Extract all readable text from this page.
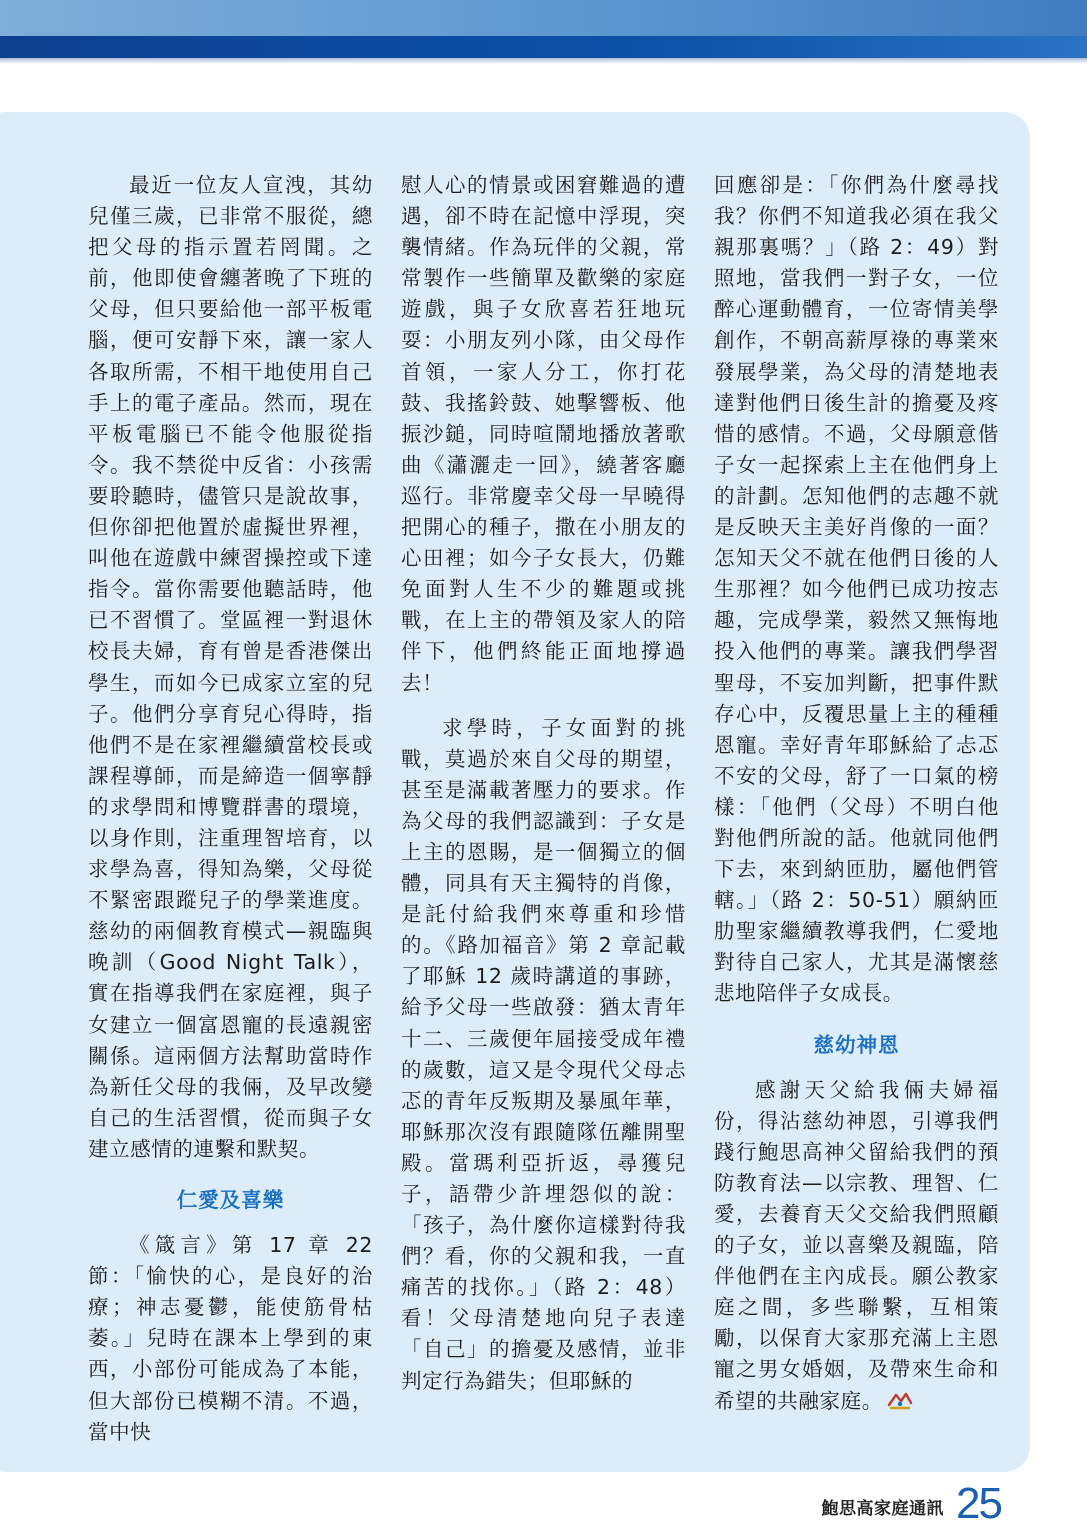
最近一位友人宣洩，其幼兒僅三歲，已非常不服從，總把父母的指示置若罔聞。之前，他即使會纏著晚了下班的父母，但只要給他一部平板電腦，便可安靜下來，讓一家人各取所需，不相干地使用自己手上的電子產品。然而，現在平板電腦已不能令他服從指令。我不禁從中反省：小孩需要聆聽時，儘管只是說故事，但你卻把他置於虛擬世界裡，叫他在遊戲中練習操控或下達指令。當你需要他聽話時，他已不習慣了。堂區裡一對退休校長夫婦，育有曾是香港傑出學生，而如今已成家立室的兒子。他們分享育兒心得時，指他們不是在家裡繼續當校長或課程導師，而是締造一個寧靜的求學問和博覽群書的環境，以身作則，注重理智培育，以求學為喜，得知為樂，父母從不緊密跟蹤兒子的學業進度。慈幼的兩個教育模式—親臨與晚訓（Good Night Talk），實在指導我們在家庭裡，與子女建立一個富恩寵的長遠親密關係。這兩個方法幫助當時作為新任父母的我倆，及早改變自己的生活習慣，從而與子女建立感情的連繫和默契。

仁愛及喜樂

《箴言》第 17 章 22 節：「愉快的心，是良好的治療；神志憂鬱，能使筋骨枯萎。」兒時在課本上學到的東西，小部份可能成為了本能，但大部份已模糊不清。不過，當中快

慰人心的情景或困窘難過的遭遇，卻不時在記憶中浮現，突襲情緒。作為玩伴的父親，常常製作一些簡單及歡樂的家庭遊戲，與子女欣喜若狂地玩耍：小朋友列小隊，由父母作首領，一家人分工，你打花鼓、我搖鈴鼓、她擊響板、他振沙鎚，同時喧鬧地播放著歌曲《瀟灑走一回》，繞著客廳巡行。非常慶幸父母一早曉得把開心的種子，撒在小朋友的心田裡；如今子女長大，仍難免面對人生不少的難題或挑戰，在上主的帶領及家人的陪伴下，他們終能正面地撐過去！

求學時，子女面對的挑戰，莫過於來自父母的期望，甚至是滿載著壓力的要求。作為父母的我們認識到：子女是上主的恩賜，是一個獨立的個體，同具有天主獨特的肖像，是託付給我們來尊重和珍惜的。《路加福音》第 2 章記載了耶穌 12 歲時講道的事跡，給予父母一些啟發：猶太青年十二、三歲便年屆接受成年禮的歲數，這又是令現代父母忐忑的青年反叛期及暴風年華，耶穌那次沒有跟隨隊伍離開聖殿。當瑪利亞折返，尋獲兒子，語帶少許埋怨似的說：「孩子，為什麼你這樣對待我們？看，你的父親和我，一直痛苦的找你。」（路 2：48）看！父母清楚地向兒子表達「自己」的擔憂及感情，並非判定行為錯失；但耶穌的

回應卻是：「你們為什麼尋找我？你們不知道我必須在我父親那裏嗎？」（路 2：49）對照地，當我們一對子女，一位醉心運動體育，一位寄情美學創作，不朝高薪厚祿的專業來發展學業，為父母的清楚地表達對他們日後生計的擔憂及疼惜的感情。不過，父母願意偕子女一起探索上主在他們身上的計劃。怎知他們的志趣不就是反映天主美好肖像的一面？怎知天父不就在他們日後的人生那裡？如今他們已成功按志趣，完成學業，毅然又無悔地投入他們的專業。讓我們學習聖母，不妄加判斷，把事件默存心中，反覆思量上主的種種恩寵。幸好青年耶穌給了忐忑不安的父母，舒了一口氣的榜樣：「他們（父母）不明白他對他們所說的話。他就同他們下去，來到納匝肋，屬他們管轄。」（路 2：50-51）願納匝肋聖家繼續教導我們，仁愛地對待自己家人，尤其是滿懷慈悲地陪伴子女成長。

慈幼神恩

感謝天父給我倆夫婦福份，得沾慈幼神恩，引導我們踐行鮑思高神父留給我們的預防教育法—以宗教、理智、仁愛，去養育天父交給我們照顧的子女，並以喜樂及親臨，陪伴他們在主內成長。願公教家庭之間，多些聯繫，互相策勵，以保育大家那充滿上主恩寵之男女婚姻，及帶來生命和希望的共融家庭。

鮑思高家庭通訊 25
